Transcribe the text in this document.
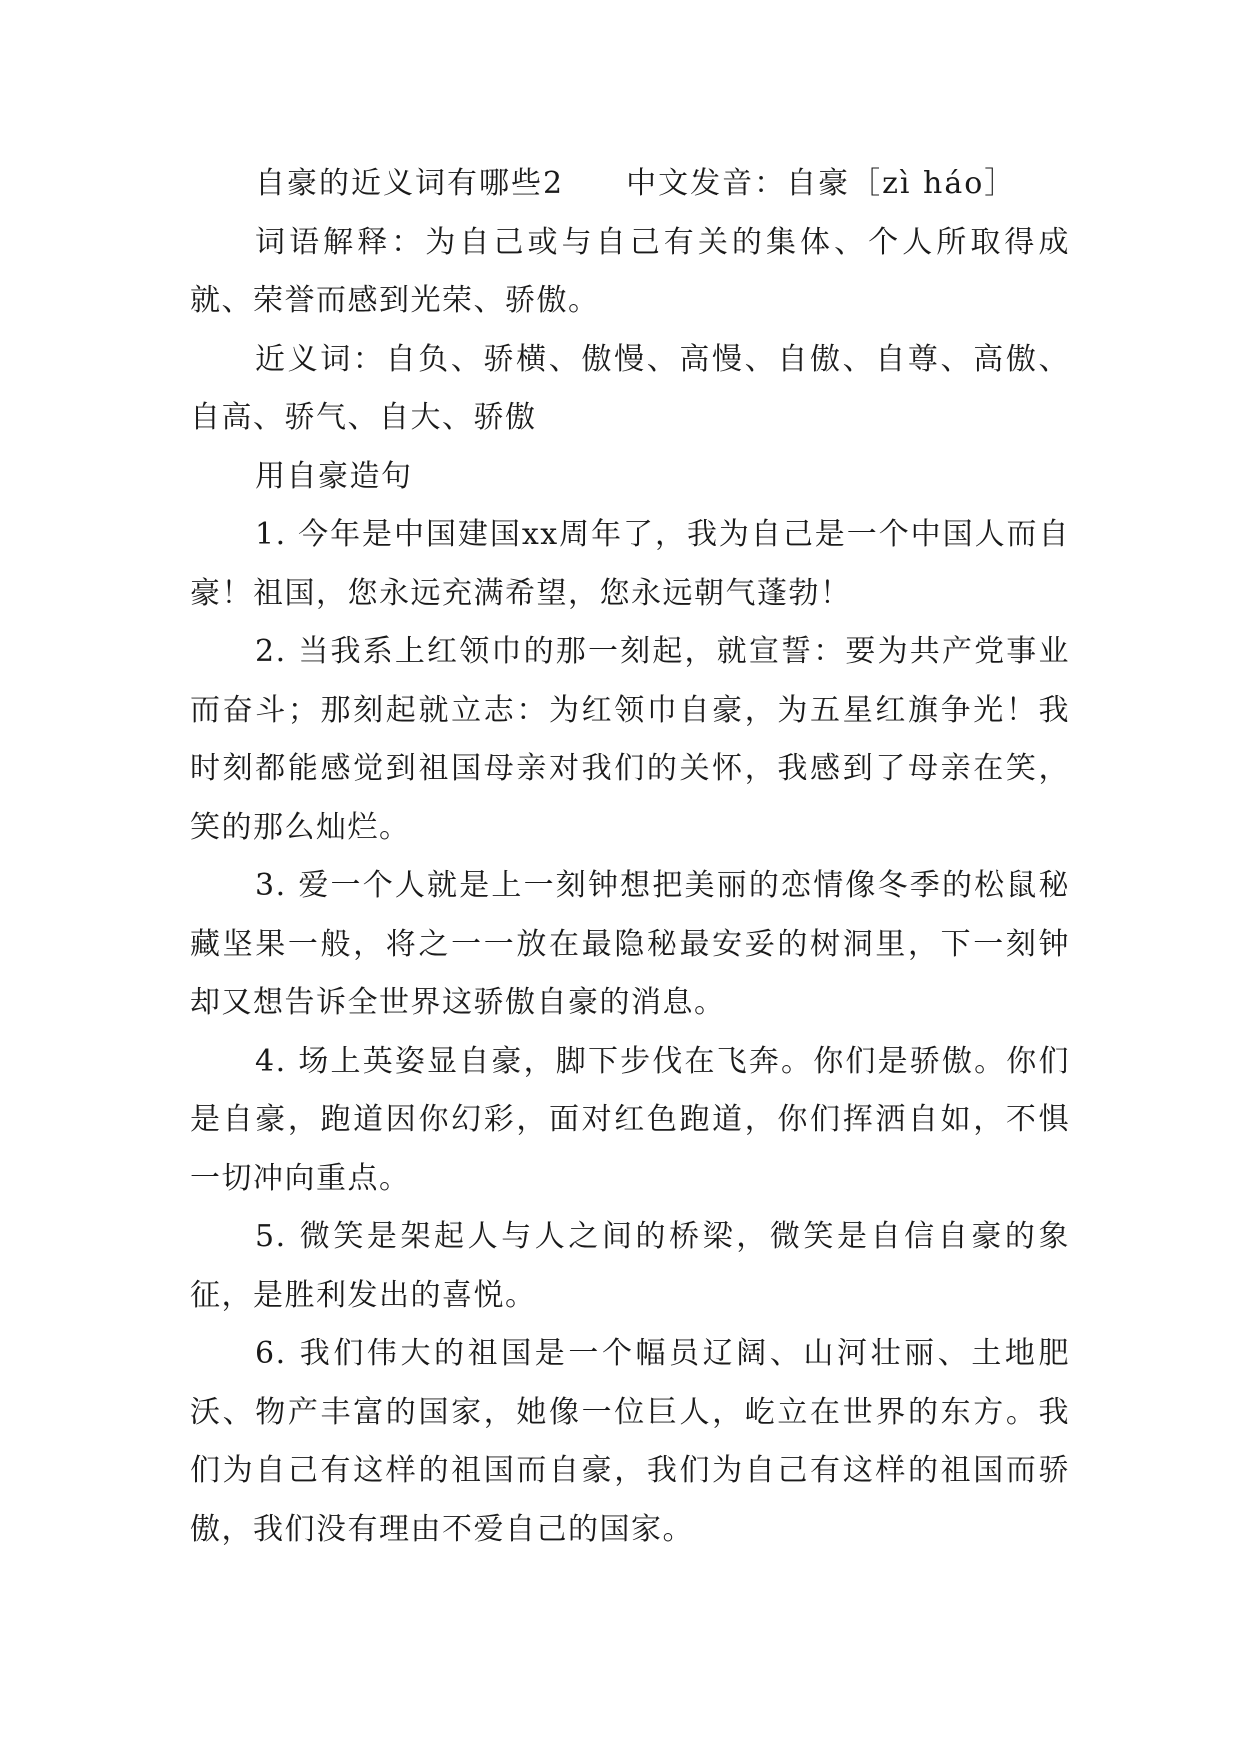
自豪的近义词有哪些2 中文发音：自豪［zì háo］

词语解释：为自己或与自己有关的集体、个人所取得成就、荣誉而感到光荣、骄傲。

近义词：自负、骄横、傲慢、高慢、自傲、自尊、高傲、自高、骄气、自大、骄傲

用自豪造句

1. 今年是中国建国xx周年了，我为自己是一个中国人而自豪！祖国，您永远充满希望，您永远朝气蓬勃！

2. 当我系上红领巾的那一刻起，就宣誓：要为共产党事业而奋斗；那刻起就立志：为红领巾自豪，为五星红旗争光！我时刻都能感觉到祖国母亲对我们的关怀，我感到了母亲在笑，笑的那么灿烂。

3. 爱一个人就是上一刻钟想把美丽的恋情像冬季的松鼠秘藏坚果一般，将之一一放在最隐秘最安妥的树洞里，下一刻钟却又想告诉全世界这骄傲自豪的消息。

4. 场上英姿显自豪，脚下步伐在飞奔。你们是骄傲。你们是自豪，跑道因你幻彩，面对红色跑道，你们挥洒自如，不惧一切冲向重点。

5. 微笑是架起人与人之间的桥梁，微笑是自信自豪的象征，是胜利发出的喜悦。

6. 我们伟大的祖国是一个幅员辽阔、山河壮丽、土地肥沃、物产丰富的国家，她像一位巨人，屹立在世界的东方。我们为自己有这样的祖国而自豪，我们为自己有这样的祖国而骄傲，我们没有理由不爱自己的国家。
